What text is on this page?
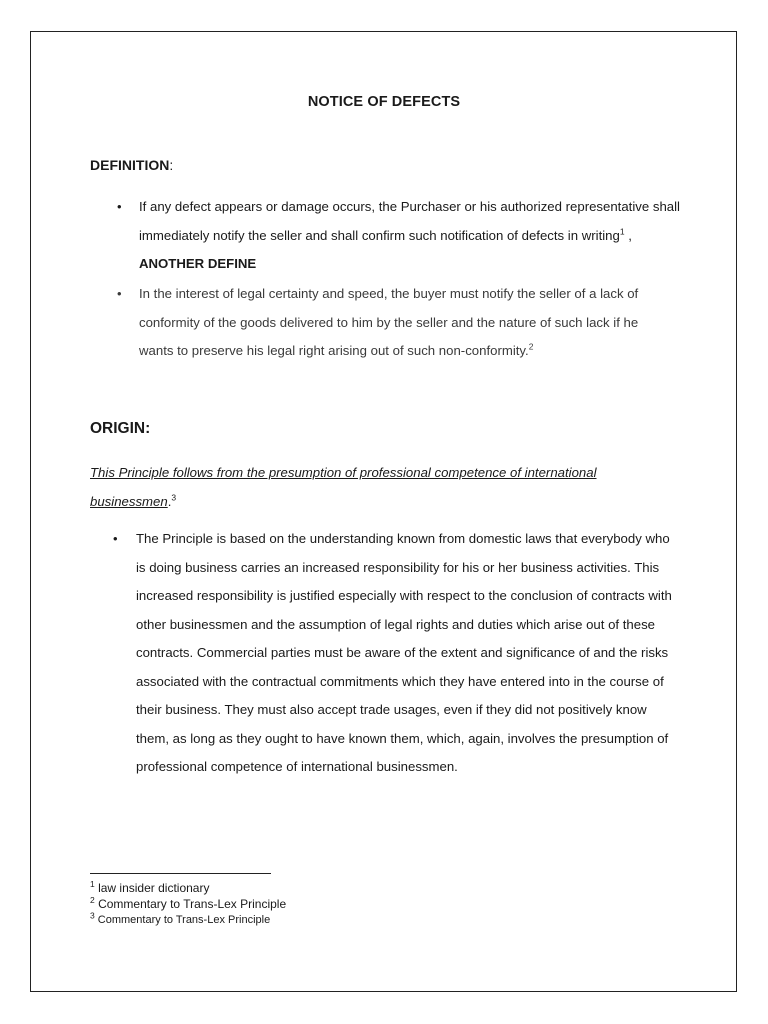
NOTICE OF DEFECTS
DEFINITION:
• If any defect appears or damage occurs, the Purchaser or his authorized representative shall immediately notify the seller and shall confirm such notification of defects in writing$^1$ , ANOTHER DEFINE
• In the interest of legal certainty and speed, the buyer must notify the seller of a lack of conformity of the goods delivered to him by the seller and the nature of such lack if he wants to preserve his legal right arising out of such non-conformity.$^2$
ORIGIN:
This Principle follows from the presumption of professional competence of international businessmen.$^3$
• The Principle is based on the understanding known from domestic laws that everybody who is doing business carries an increased responsibility for his or her business activities. This increased responsibility is justified especially with respect to the conclusion of contracts with other businessmen and the assumption of legal rights and duties which arise out of these contracts. Commercial parties must be aware of the extent and significance of and the risks associated with the contractual commitments which they have entered into in the course of their business. They must also accept trade usages, even if they did not positively know them, as long as they ought to have known them, which, again, involves the presumption of professional competence of international businessmen.
$^1$ law insider dictionary
$^2$ Commentary to Trans-Lex Principle
$^3$ Commentary to Trans-Lex Principle
